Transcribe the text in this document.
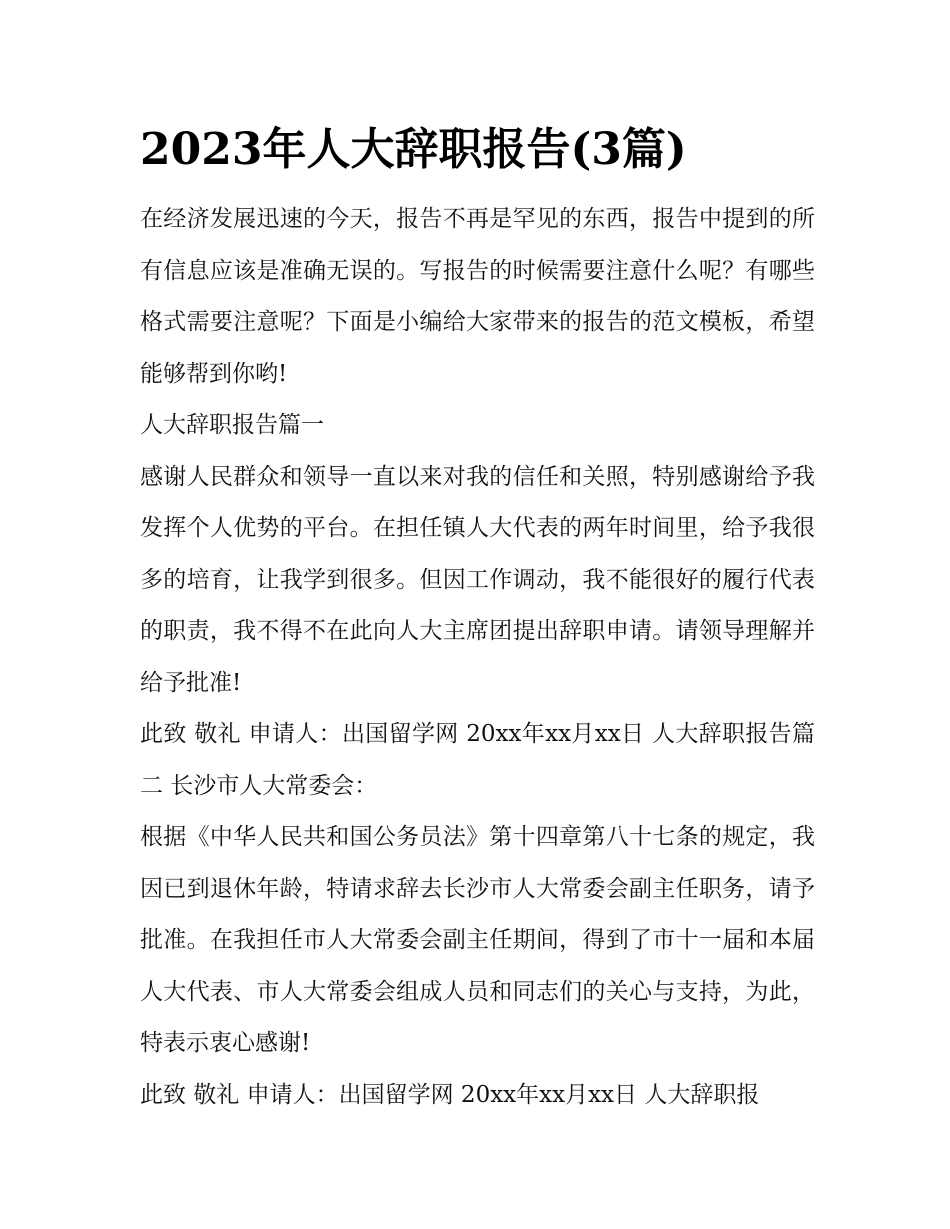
2023年人大辞职报告(3篇)

在经济发展迅速的今天，报告不再是罕见的东西，报告中提到的所有信息应该是准确无误的。写报告的时候需要注意什么呢？有哪些格式需要注意呢？下面是小编给大家带来的报告的范文模板，希望能够帮到你哟!

人大辞职报告篇一

感谢人民群众和领导一直以来对我的信任和关照，特别感谢给予我发挥个人优势的平台。在担任镇人大代表的两年时间里，给予我很多的培育，让我学到很多。但因工作调动，我不能很好的履行代表的职责，我不得不在此向人大主席团提出辞职申请。请领导理解并给予批准!

此致 敬礼 申请人：出国留学网 20xx年xx月xx日 人大辞职报告篇二 长沙市人大常委会：

根据《中华人民共和国公务员法》第十四章第八十七条的规定，我因已到退休年龄，特请求辞去长沙市人大常委会副主任职务，请予批准。在我担任市人大常委会副主任期间，得到了市十一届和本届人大代表、市人大常委会组成人员和同志们的关心与支持，为此，特表示衷心感谢!

此致 敬礼 申请人：出国留学网 20xx年xx月xx日 人大辞职报
